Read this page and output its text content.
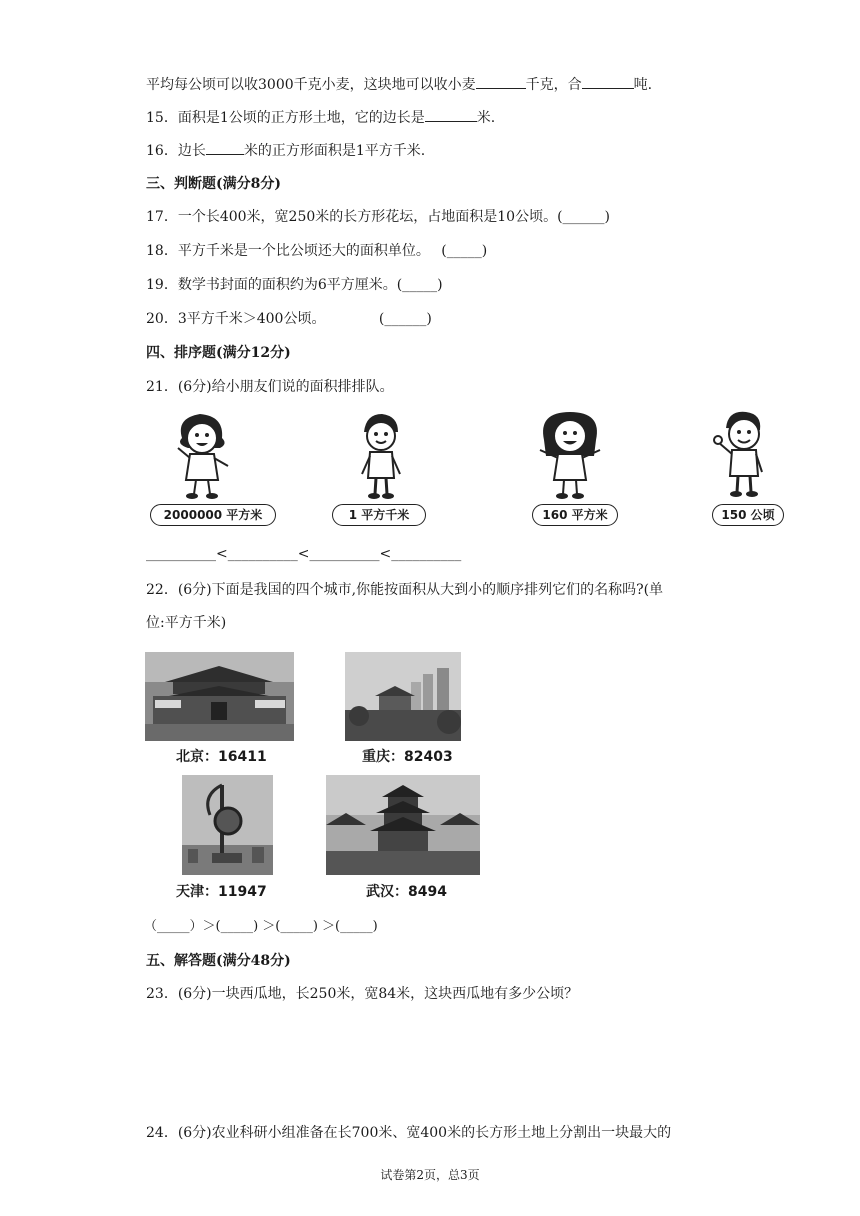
平均每公顷可以收3000千克小麦，这块地可以收小麦	千克，合	吨.
15．面积是1公顷的正方形土地，它的边长是	米.
16．边长	米的正方形面积是1平方千米.
三、判断题(满分8分)
17．一个长400米，宽250米的长方形花坛，占地面积是10公顷。(______)
18．平方千米是一个比公顷还大的面积单位。　 (_____)
19．数学书封面的面积约为6平方厘米。(_____)
20．3平方千米＞400公顷。　　　　 (______)
四、排序题(满分12分)
21．(6分)给小朋友们说的面积排排队。
2000000 平方米	1 平方千米	160 平方米	150 公顷
__________<__________<__________<__________
22．(6分)下面是我国的四个城市,你能按面积从大到小的顺序排列它们的名称吗?(单
位:平方千米)
北京：16411	重庆：82403
天津：11947	武汉：8494
（_____）＞(_____) ＞(_____) ＞(_____)
五、解答题(满分48分)
23．(6分)一块西瓜地，长250米，宽84米，这块西瓜地有多少公顷？
24．(6分)农业科研小组准备在长700米、宽400米的长方形土地上分割出一块最大的
试卷第2页，总3页
